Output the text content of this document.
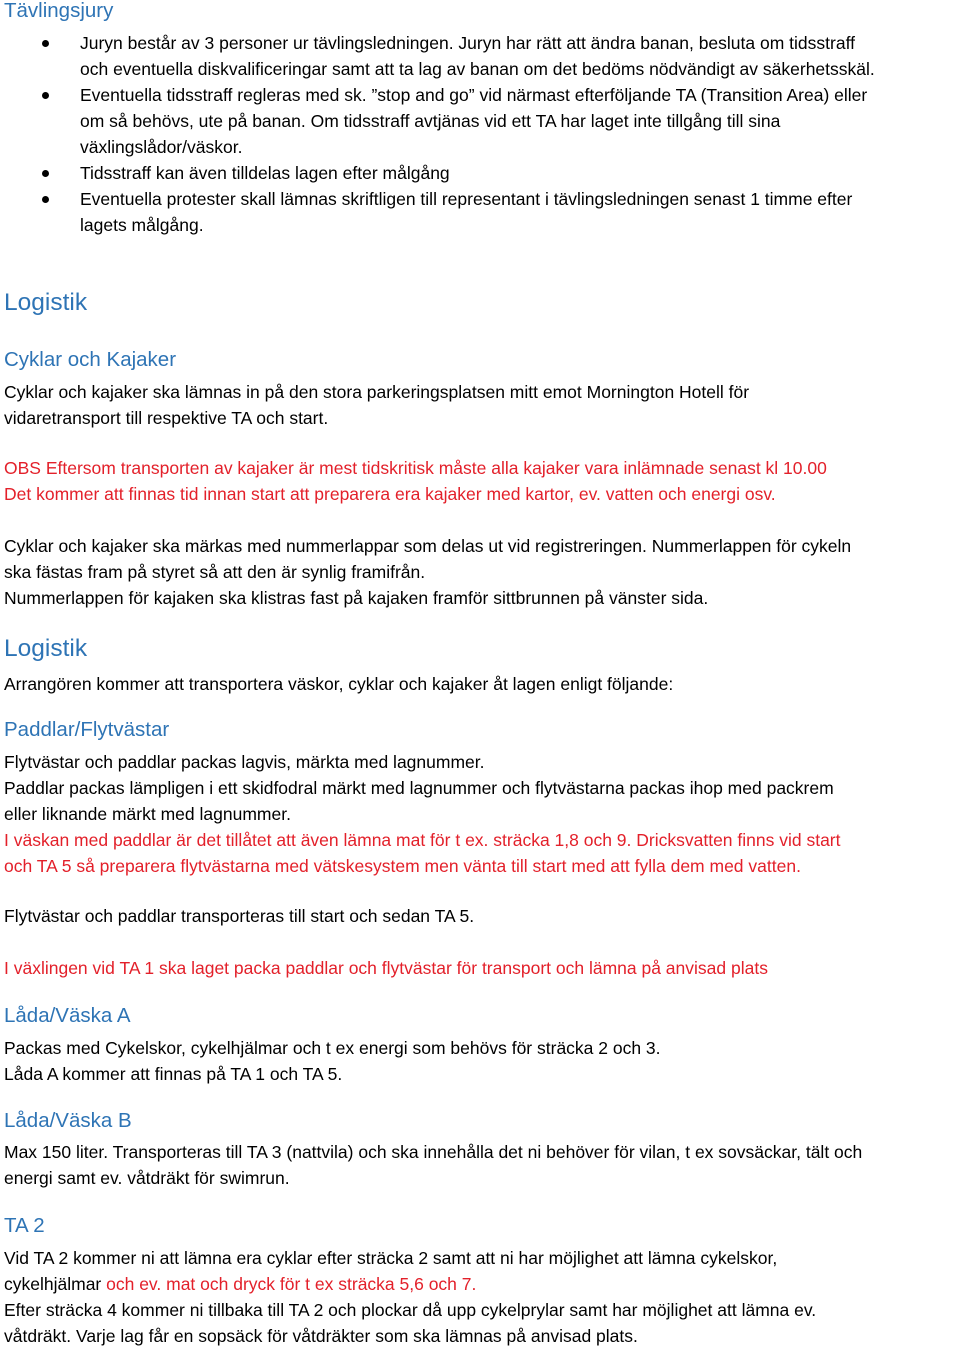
Tävlingsjury
Juryn består av 3 personer ur tävlingsledningen. Juryn har rätt att ändra banan, besluta om tidsstraff
och eventuella diskvalificeringar samt att ta lag av banan om det bedöms nödvändigt av säkerhetsskäl.
Eventuella tidsstraff regleras med sk. ”stop and go” vid närmast efterföljande TA (Transition Area) eller
om så behövs, ute på banan. Om tidsstraff avtjänas vid ett TA har laget inte tillgång till sina
växlingslådor/väskor.
Tidsstraff kan även tilldelas lagen efter målgång
Eventuella protester skall lämnas skriftligen till representant i tävlingsledningen senast 1 timme efter
lagets målgång.
Logistik
Cyklar och Kajaker
Cyklar och kajaker ska lämnas in på den stora parkeringsplatsen mitt emot Mornington Hotell för
vidaretransport till respektive TA och start.
OBS Eftersom transporten av kajaker är mest tidskritisk måste alla kajaker vara inlämnade senast kl 10.00
Det kommer att finnas tid innan start att preparera era kajaker med kartor, ev. vatten och energi osv.
Cyklar och kajaker ska märkas med nummerlappar som delas ut vid registreringen. Nummerlappen för cykeln
ska fästas fram på styret så att den är synlig framifrån.
Nummerlappen för kajaken ska klistras fast på kajaken framför sittbrunnen på vänster sida.
Logistik
Arrangören kommer att transportera väskor, cyklar och kajaker åt lagen enligt följande:
Paddlar/Flytvästar
Flytvästar och paddlar packas lagvis, märkta med lagnummer.
Paddlar packas lämpligen i ett skidfodral märkt med lagnummer och flytvästarna packas ihop med packrem
eller liknande märkt med lagnummer.
I väskan med paddlar är det tillåtet att även lämna mat för t ex. sträcka 1,8 och 9. Dricksvatten finns vid start
och TA 5 så preparera flytvästarna med vätskesystem men vänta till start med att fylla dem med vatten.
Flytvästar och paddlar transporteras till start och sedan TA 5.
I växlingen vid TA 1 ska laget packa paddlar och flytvästar för transport och lämna på anvisad plats
Låda/Väska A
Packas med Cykelskor, cykelhjälmar och t ex energi som behövs för sträcka 2 och 3.
Låda A kommer att finnas på TA 1 och TA 5.
Låda/Väska B
Max 150 liter. Transporteras till TA 3 (nattvila) och ska innehålla det ni behöver för vilan, t ex sovsäckar, tält och
energi samt ev. våtdräkt för swimrun.
TA 2
Vid TA 2 kommer ni att lämna era cyklar efter sträcka 2 samt att ni har möjlighet att lämna cykelskor,
cykelhjälmar och ev. mat och dryck för t ex sträcka 5,6 och 7.
Efter sträcka 4 kommer ni tillbaka till TA 2 och plockar då upp cykelprylar samt har möjlighet att lämna ev.
våtdräkt. Varje lag får en sopsäck för våtdräkter som ska lämnas på anvisad plats.
